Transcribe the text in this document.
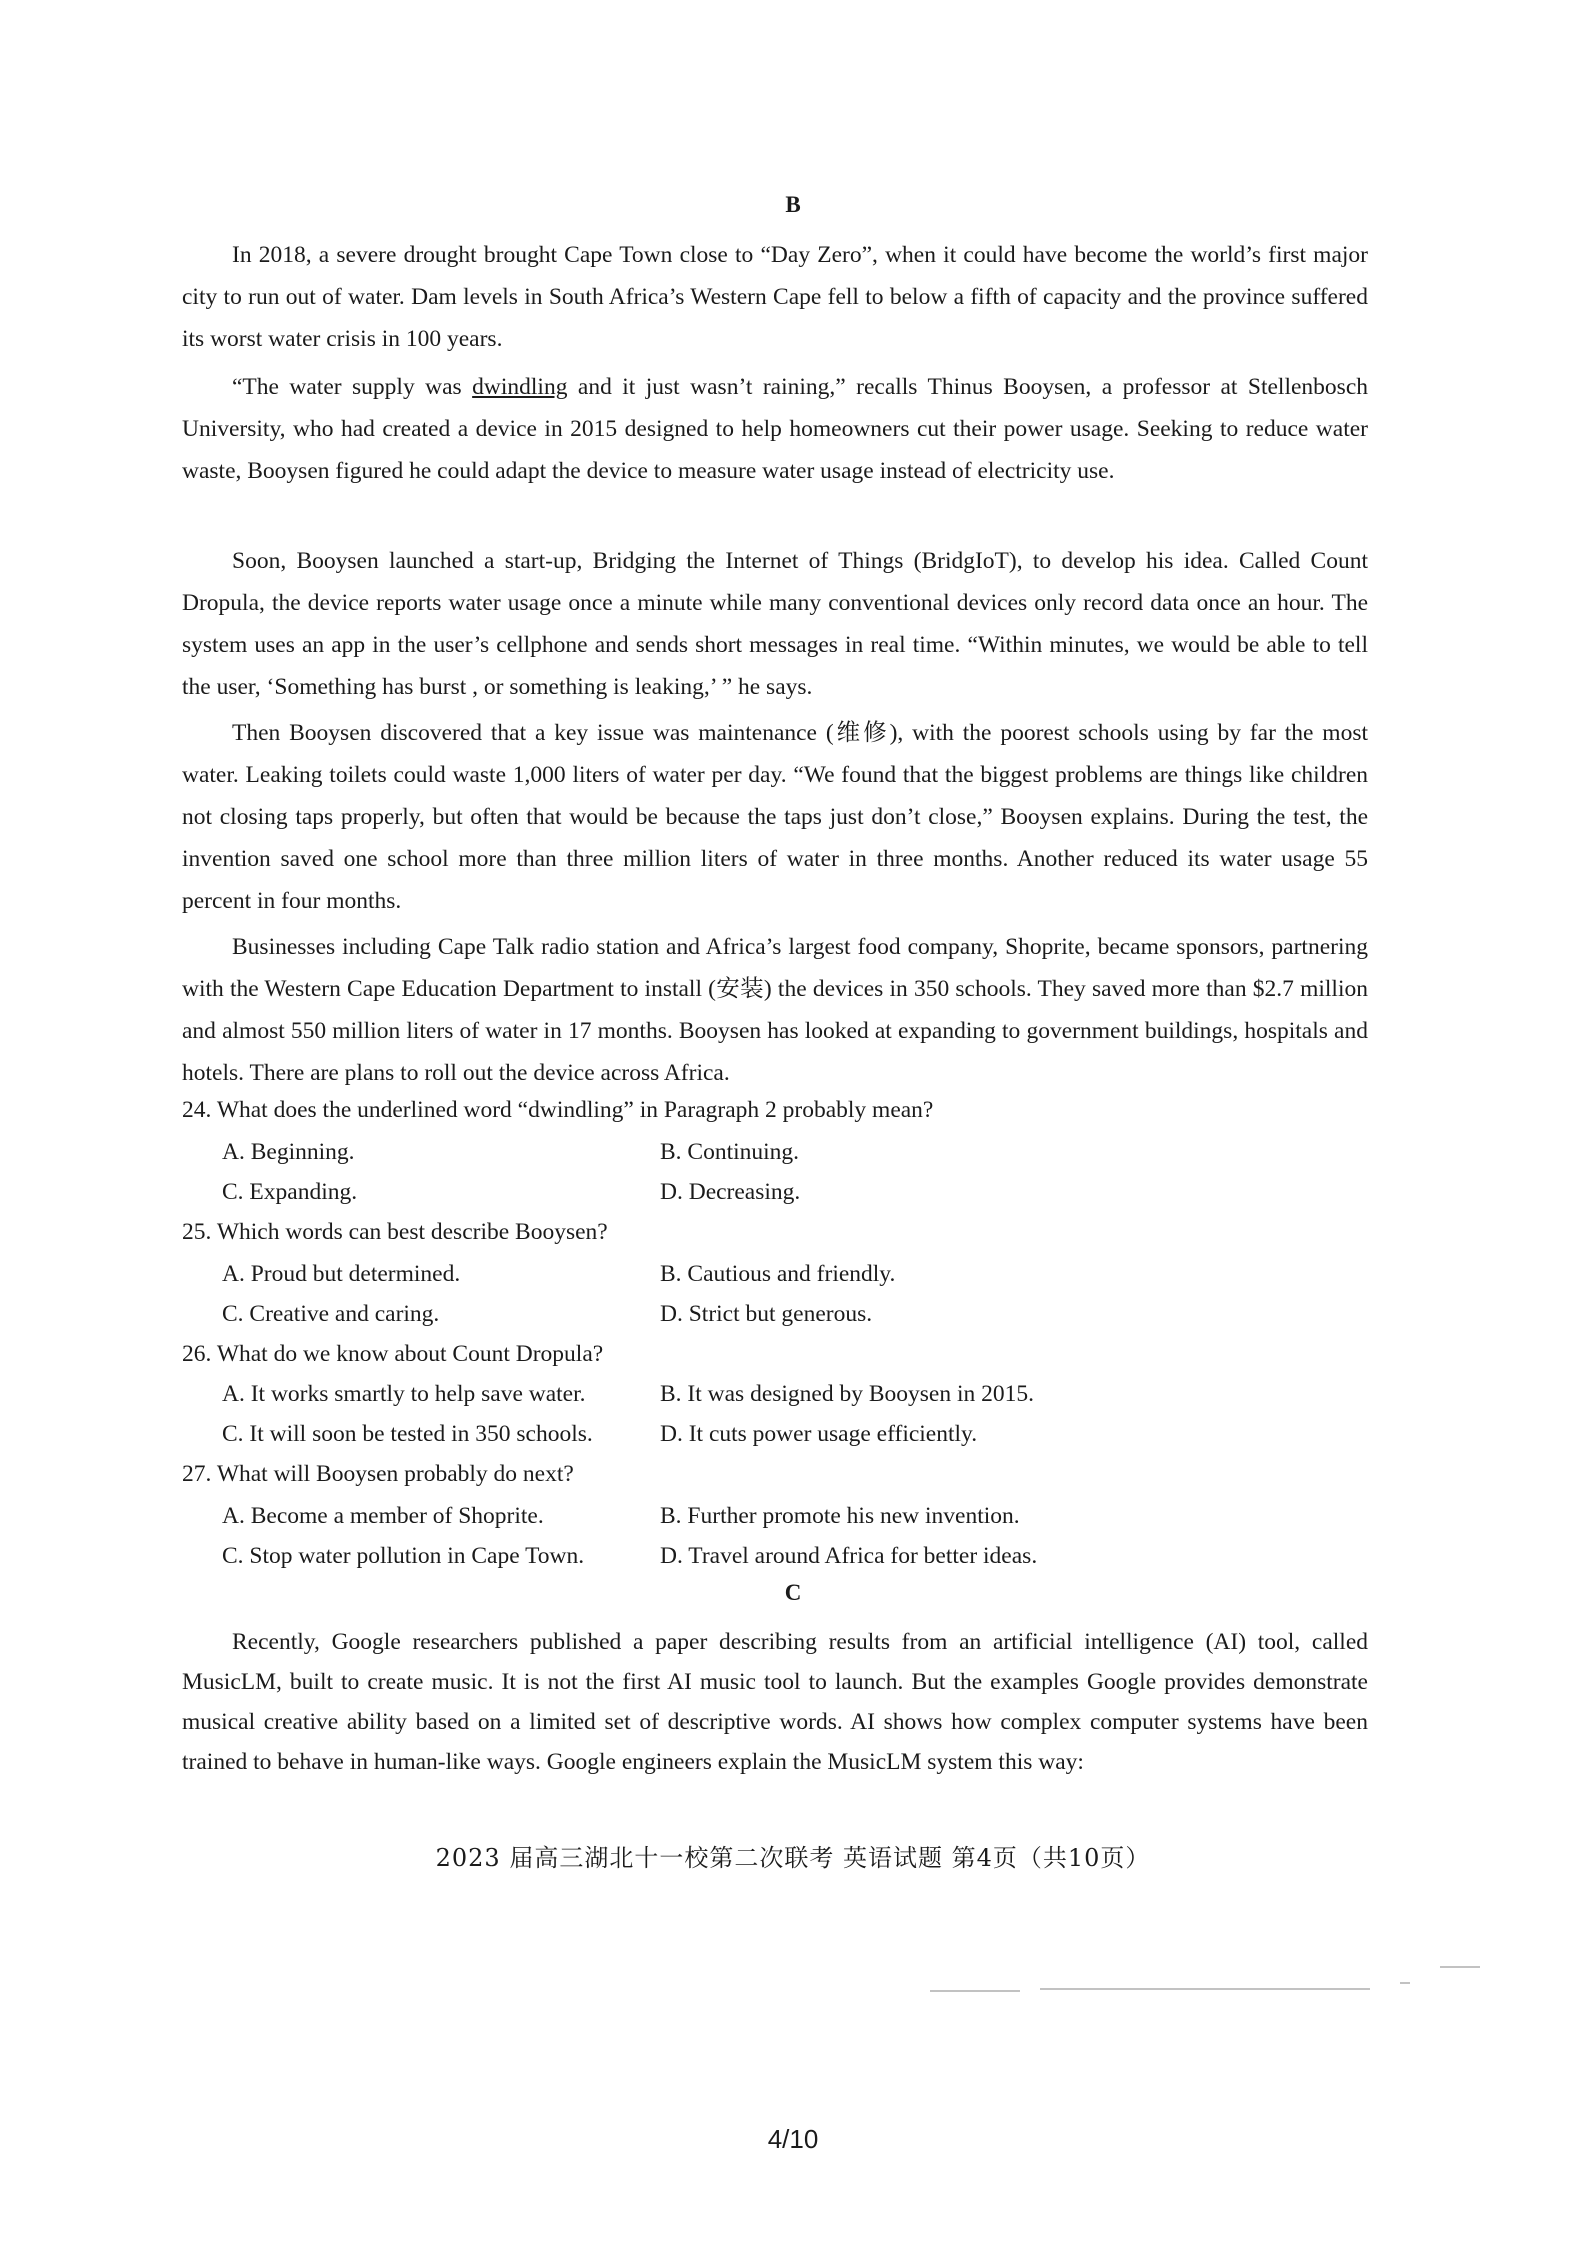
B

In 2018, a severe drought brought Cape Town close to “Day Zero”, when it could have become the world’s first major city to run out of water. Dam levels in South Africa’s Western Cape fell to below a fifth of capacity and the province suffered its worst water crisis in 100 years.

“The water supply was dwindling and it just wasn’t raining,” recalls Thinus Booysen, a professor at Stellenbosch University, who had created a device in 2015 designed to help homeowners cut their power usage. Seeking to reduce water waste, Booysen figured he could adapt the device to measure water usage instead of electricity use.

Soon, Booysen launched a start-up, Bridging the Internet of Things (BridgIoT), to develop his idea. Called Count Dropula, the device reports water usage once a minute while many conventional devices only record data once an hour. The system uses an app in the user’s cellphone and sends short messages in real time. “Within minutes, we would be able to tell the user, ‘Something has burst , or something is leaking,’ ” he says.

Then Booysen discovered that a key issue was maintenance (维修), with the poorest schools using by far the most water. Leaking toilets could waste 1,000 liters of water per day. “We found that the biggest problems are things like children not closing taps properly, but often that would be because the taps just don’t close,” Booysen explains. During the test, the invention saved one school more than three million liters of water in three months. Another reduced its water usage 55 percent in four months.

Businesses including Cape Talk radio station and Africa’s largest food company, Shoprite, became sponsors, partnering with the Western Cape Education Department to install (安装) the devices in 350 schools. They saved more than $2.7 million and almost 550 million liters of water in 17 months. Booysen has looked at expanding to government buildings, hospitals and hotels. There are plans to roll out the device across Africa.

24. What does the underlined word “dwindling” in Paragraph 2 probably mean?
A. Beginning.	B. Continuing.
C. Expanding.	D. Decreasing.
25. Which words can best describe Booysen?
A. Proud but determined.	B. Cautious and friendly.
C. Creative and caring.	D. Strict but generous.
26. What do we know about Count Dropula?
A. It works smartly to help save water.	B. It was designed by Booysen in 2015.
C. It will soon be tested in 350 schools.	D. It cuts power usage efficiently.
27. What will Booysen probably do next?
A. Become a member of Shoprite.	B. Further promote his new invention.
C. Stop water pollution in Cape Town.	D. Travel around Africa for better ideas.
C

Recently, Google researchers published a paper describing results from an artificial intelligence (AI) tool, called MusicLM, built to create music. It is not the first AI music tool to launch. But the examples Google provides demonstrate musical creative ability based on a limited set of descriptive words. AI shows how complex computer systems have been trained to behave in human-like ways. Google engineers explain the MusicLM system this way:

2023 届高三湖北十一校第二次联考 英语试题 第4页（共10页）
4/10
